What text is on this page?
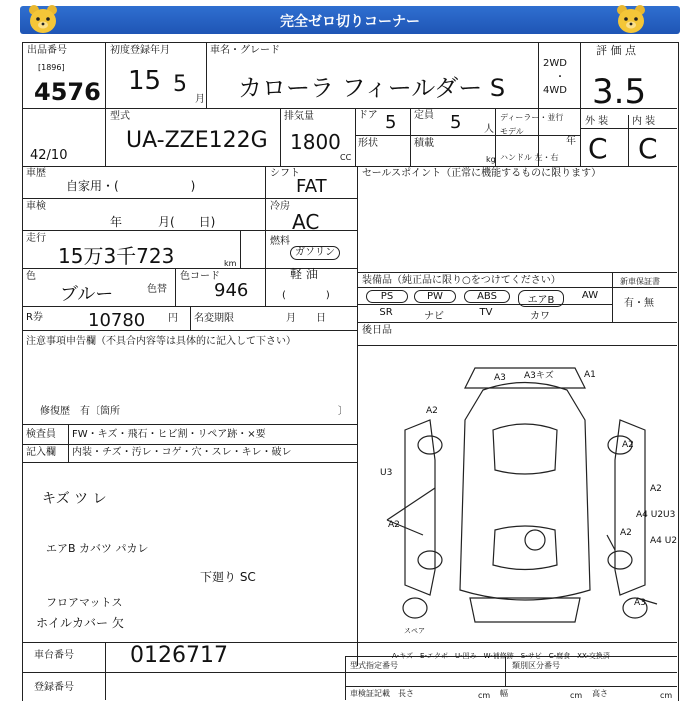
完全ゼロ切りコーナー
出品番号
[1896]
4576
42/10
初度登録年月
15 5
月
車名・グレード
カローラ フィールダー S
2WD
・
4WD
評 価 点
3.5
型式
UA-ZZE122G
排気量
1800
CC
ドア 5 定員 5 人
ディーラー・並行
モデル
年
形状	積載
kg ハンドル 左・右
外 装 内 装
C C
車歴
自家用・(　　　　　　)
シフト
FAT
車検
年　　　月(　　日)
冷房
AC
走行
15万3千723	km
燃料
ガソリン
軽 油
(　　　　)
色
ブルー	色替
色コード
946
R券	10780 円 名変期限	月　　日
注意事項申告欄（不具合内容等は具体的に記入して下さい）
修復歴　有〔箇所	〕
セールスポイント（正常に機能するものに限ります）
装備品（純正品に限り○をつけてください）	新車保証書
有・無
PS	PW	ABS	エアB	AW
SR	ナビ	TV	カワ
後日品
検査員
記入欄
FW・キズ・飛石・ヒビ割・リペア跡・×要
内装・チズ・汚レ・コゲ・穴・スレ・キレ・破レ
キズ ツ レ
エアB カバツ パカレ
下廻り SC
フロアマットス
ホイルカバー 欠
A3 A3キズ	A1
A2
U3
A2
A2
A2
A4 U2U3
A2
A4 U2
A3
スペア
A-キズ　E-エクボ　U-凹み　W-補修跡　S-サビ　C-腐食　XX-交換済
車台番号	0126717
登録番号
型式指定番号	類別区分番号
車検証記載 長さ	cm 幅	cm 高さ	cm
